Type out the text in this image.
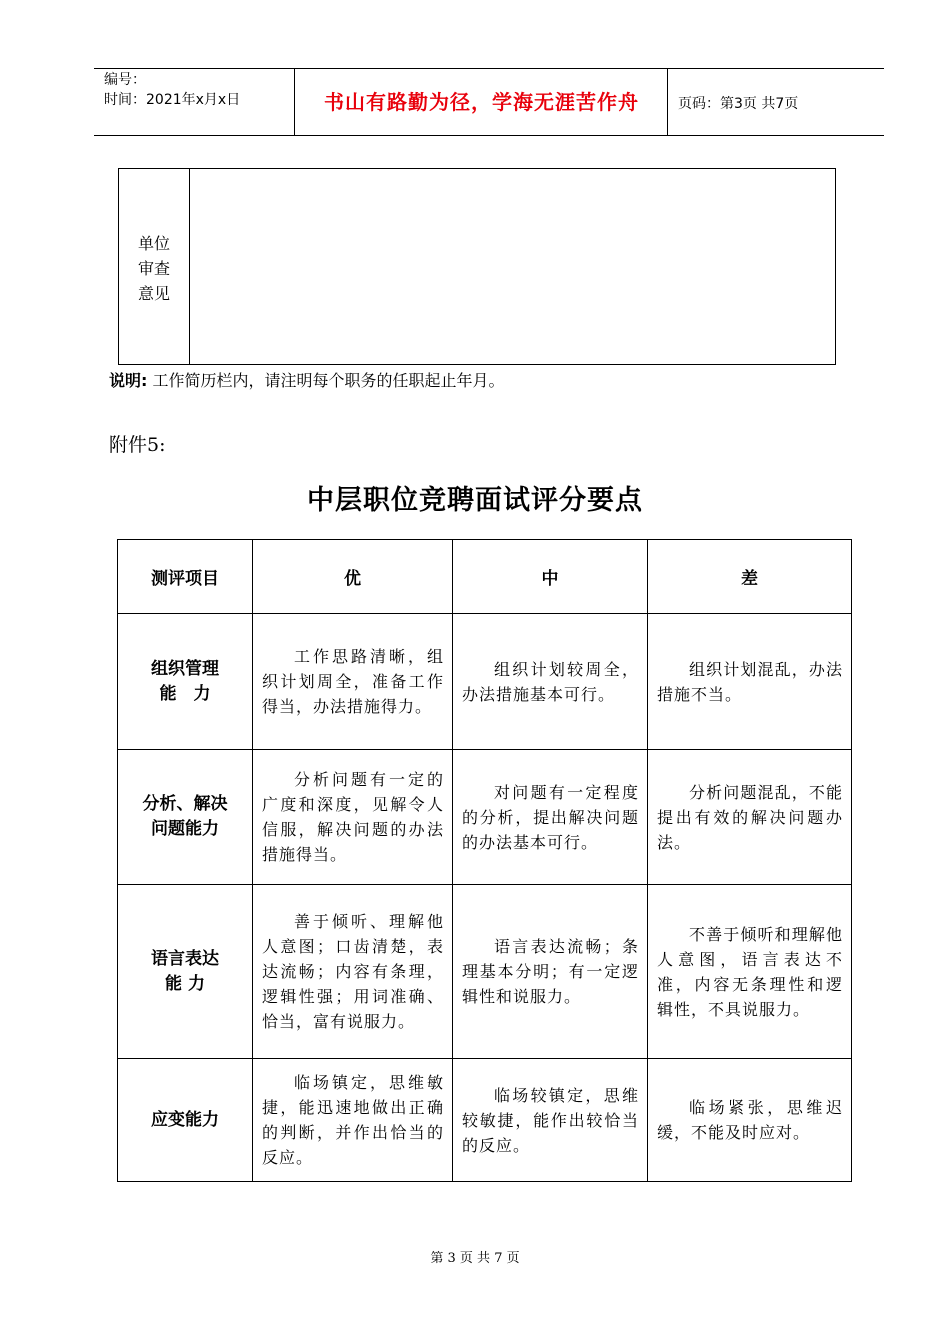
编号：
时间：2021年x月x日	书山有路勤为径，学海无涯苦作舟	页码：第3页 共7页
单位
审查
意见
说明: 工作简历栏内，请注明每个职务的任职起止年月。
附件5:
中层职位竞聘面试评分要点
测评项目	优	中	差

组织管理
能　力	工作思路清晰，组织计划周全，准备工作得当，办法措施得力。	组织计划较周全，办法措施基本可行。	组织计划混乱，办法措施不当。

分析、解决
问题能力	分析问题有一定的广度和深度，见解令人信服，解决问题的办法措施得当。	对问题有一定程度的分析，提出解决问题的办法基本可行。	分析问题混乱，不能提出有效的解决问题办法。

语言表达
能 力	善于倾听、理解他人意图；口齿清楚，表达流畅；内容有条理，逻辑性强；用词准确、恰当，富有说服力。	语言表达流畅；条理基本分明；有一定逻辑性和说服力。	不善于倾听和理解他人意图，语言表达不准，内容无条理性和逻辑性，不具说服力。

应变能力	临场镇定，思维敏捷，能迅速地做出正确的判断，并作出恰当的反应。	临场较镇定，思维较敏捷，能作出较恰当的反应。	临场紧张，思维迟缓，不能及时应对。
第 3 页 共 7 页
